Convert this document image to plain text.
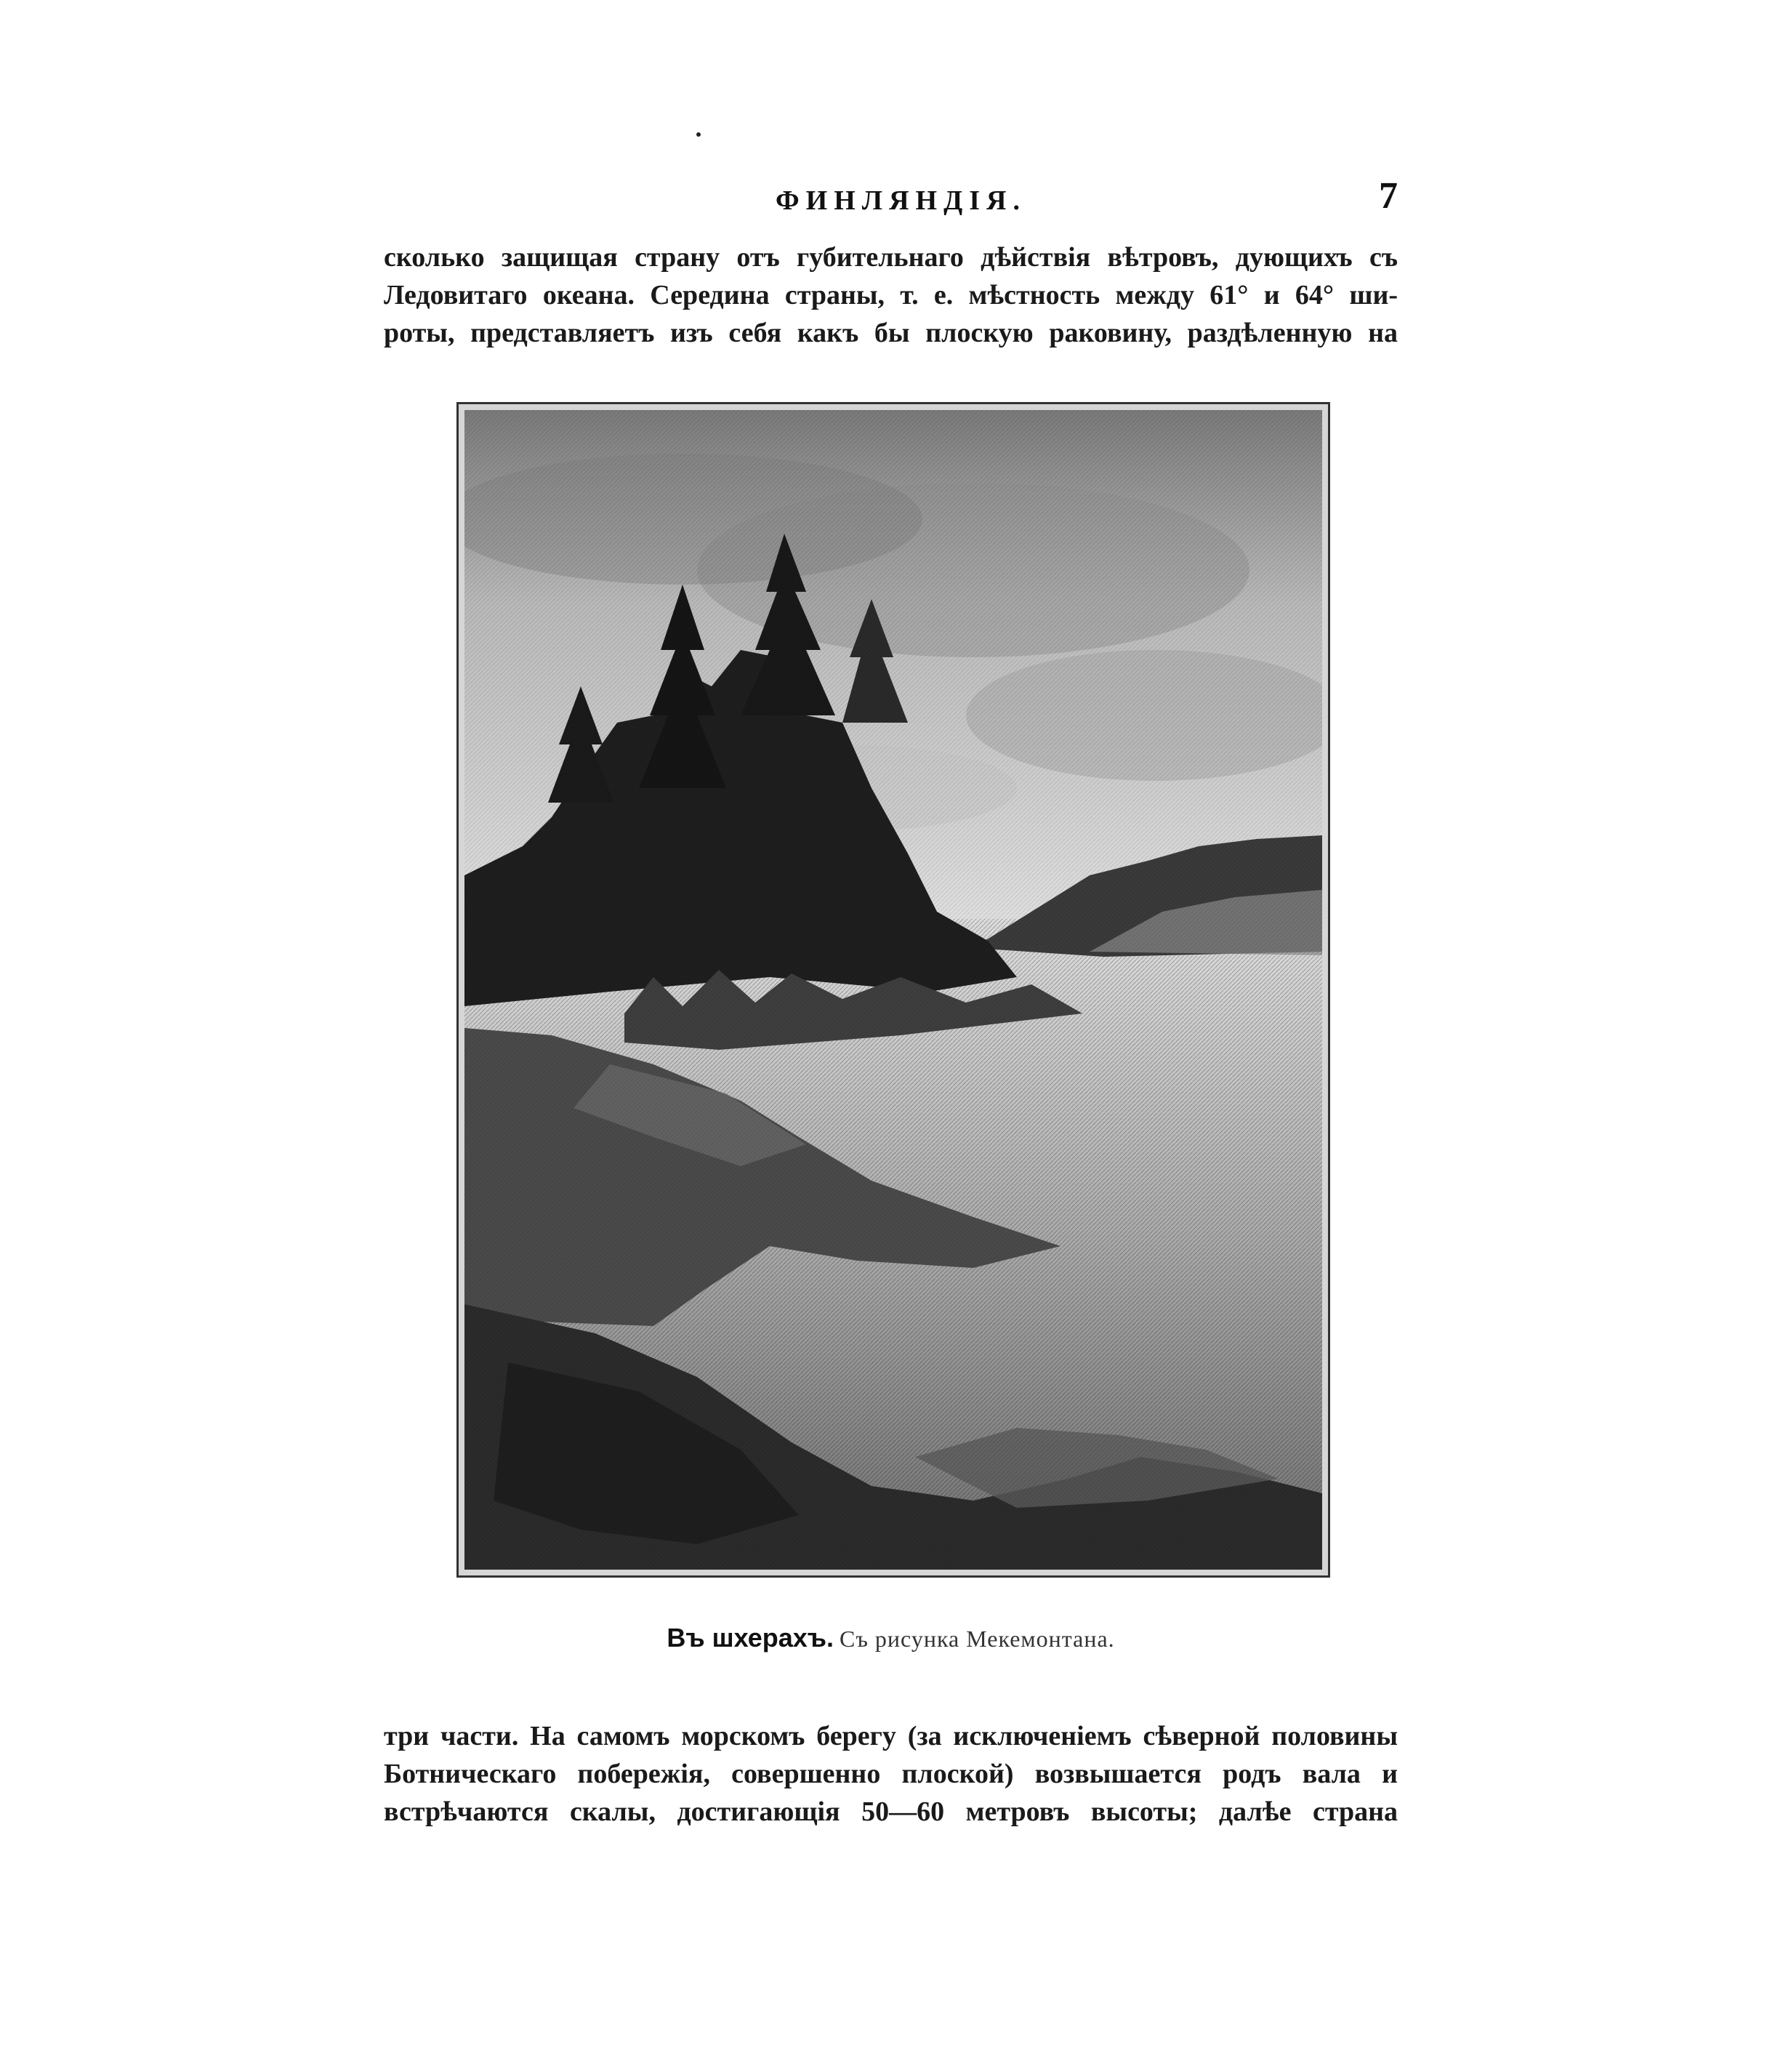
ФИНЛЯНДІЯ.	7
сколько защищая страну отъ губительнаго дѣйствія вѣтровъ, дующихъ съ
Ледовитаго океана. Середина страны, т. е. мѣстность между 61° и 64° ши-
роты, представляетъ изъ себя какъ бы плоскую раковину, раздѣленную на
Въ шхерахъ. Съ рисунка Мекемонтана.
три части. На самомъ морскомъ берегу (за исключеніемъ сѣверной половины
Ботническаго побережія, совершенно плоской) возвышается родъ вала и
встрѣчаются скалы, достигающія 50—60 метровъ высоты; далѣе страна
